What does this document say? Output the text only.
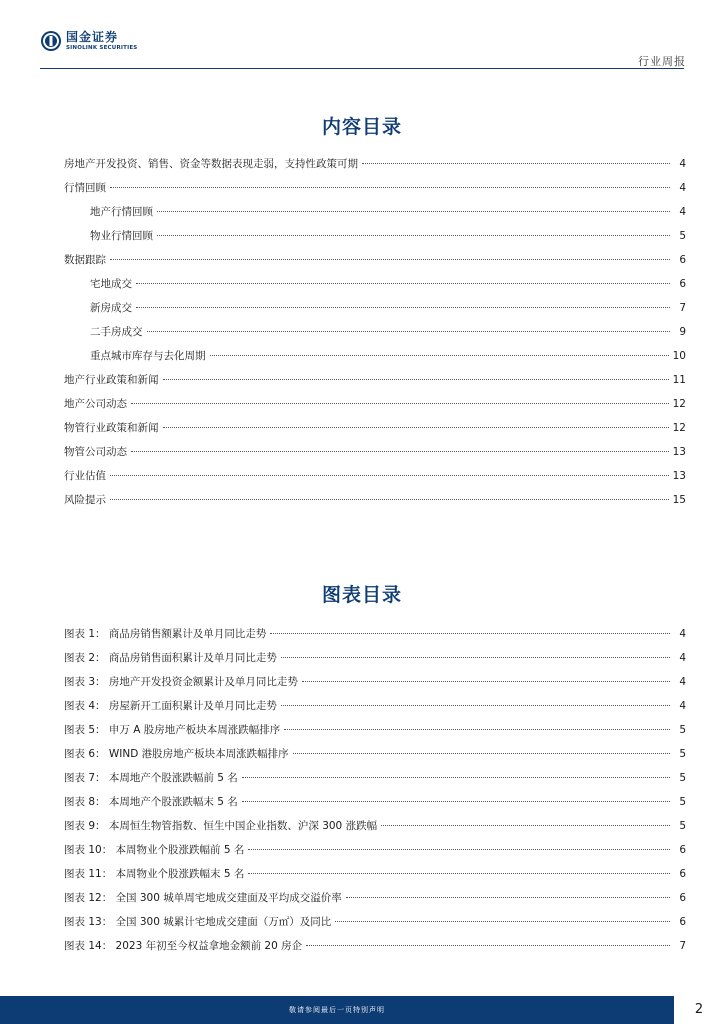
国金证券
SINOLINK SECURITIES
行业周报
内容目录
房地产开发投资、销售、资金等数据表现走弱，支持性政策可期	4
行情回顾	4
地产行情回顾	4
物业行情回顾	5
数据跟踪	6
宅地成交	6
新房成交	7
二手房成交	9
重点城市库存与去化周期	10
地产行业政策和新闻	11
地产公司动态	12
物管行业政策和新闻	12
物管公司动态	13
行业估值	13
风险提示	15
图表目录
图表 1： 商品房销售额累计及单月同比走势	4
图表 2： 商品房销售面积累计及单月同比走势	4
图表 3： 房地产开发投资金额累计及单月同比走势	4
图表 4： 房屋新开工面积累计及单月同比走势	4
图表 5： 申万 A 股房地产板块本周涨跌幅排序	5
图表 6： WIND 港股房地产板块本周涨跌幅排序	5
图表 7： 本周地产个股涨跌幅前 5 名	5
图表 8： 本周地产个股涨跌幅末 5 名	5
图表 9： 本周恒生物管指数、恒生中国企业指数、沪深 300 涨跌幅	5
图表 10： 本周物业个股涨跌幅前 5 名	6
图表 11： 本周物业个股涨跌幅末 5 名	6
图表 12： 全国 300 城单周宅地成交建面及平均成交溢价率	6
图表 13： 全国 300 城累计宅地成交建面（万㎡）及同比	6
图表 14： 2023 年初至今权益拿地金额前 20 房企	7
敬请参阅最后一页特别声明	2
